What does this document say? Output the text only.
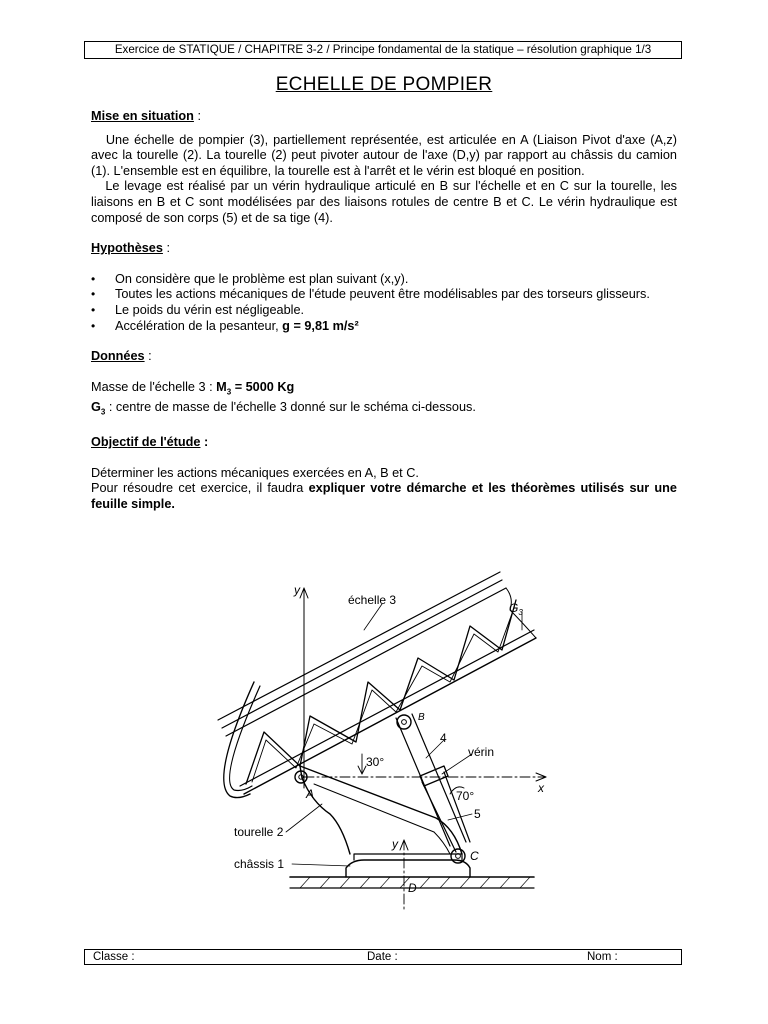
Exercice de STATIQUE / CHAPITRE 3-2 / Principe fondamental de la statique – résolution graphique 1/3
ECHELLE DE POMPIER
Mise en situation :

Une échelle de pompier (3), partiellement représentée, est articulée en A (Liaison Pivot d'axe (A,z) avec la tourelle (2). La tourelle (2) peut pivoter autour de l'axe (D,y) par rapport au châssis du camion (1). L'ensemble est en équilibre, la tourelle est à l'arrêt et le vérin est bloqué en position.

Le levage est réalisé par un vérin hydraulique articulé en B sur l'échelle et en C sur la tourelle, les liaisons en B et C sont modélisées par des liaisons rotules de centre B et C. Le vérin hydraulique est composé de son corps (5) et de sa tige (4).

Hypothèses :
• On considère que le problème est plan suivant (x,y).
• Toutes les actions mécaniques de l'étude peuvent être modélisables par des torseurs glisseurs.
• Le poids du vérin est négligeable.
• Accélération de la pesanteur, g = 9,81 m/s²
Données :

Masse de l'échelle 3 : $M_3 = 5000$ Kg

$G_3$ : centre de masse de l'échelle 3 donné sur le schéma ci-dessous.

Objectif de l'étude :

Déterminer les actions mécaniques exercées en A, B et C.

Pour résoudre cet exercice, il faudra expliquer votre démarche et les théorèmes utilisés sur une feuille simple.

y
x
échelle 3
$G_3$
B
4
vérin
30°
70°
5
A
tourelle 2
y
C
châssis 1
D
Classe :	Date :	Nom :
